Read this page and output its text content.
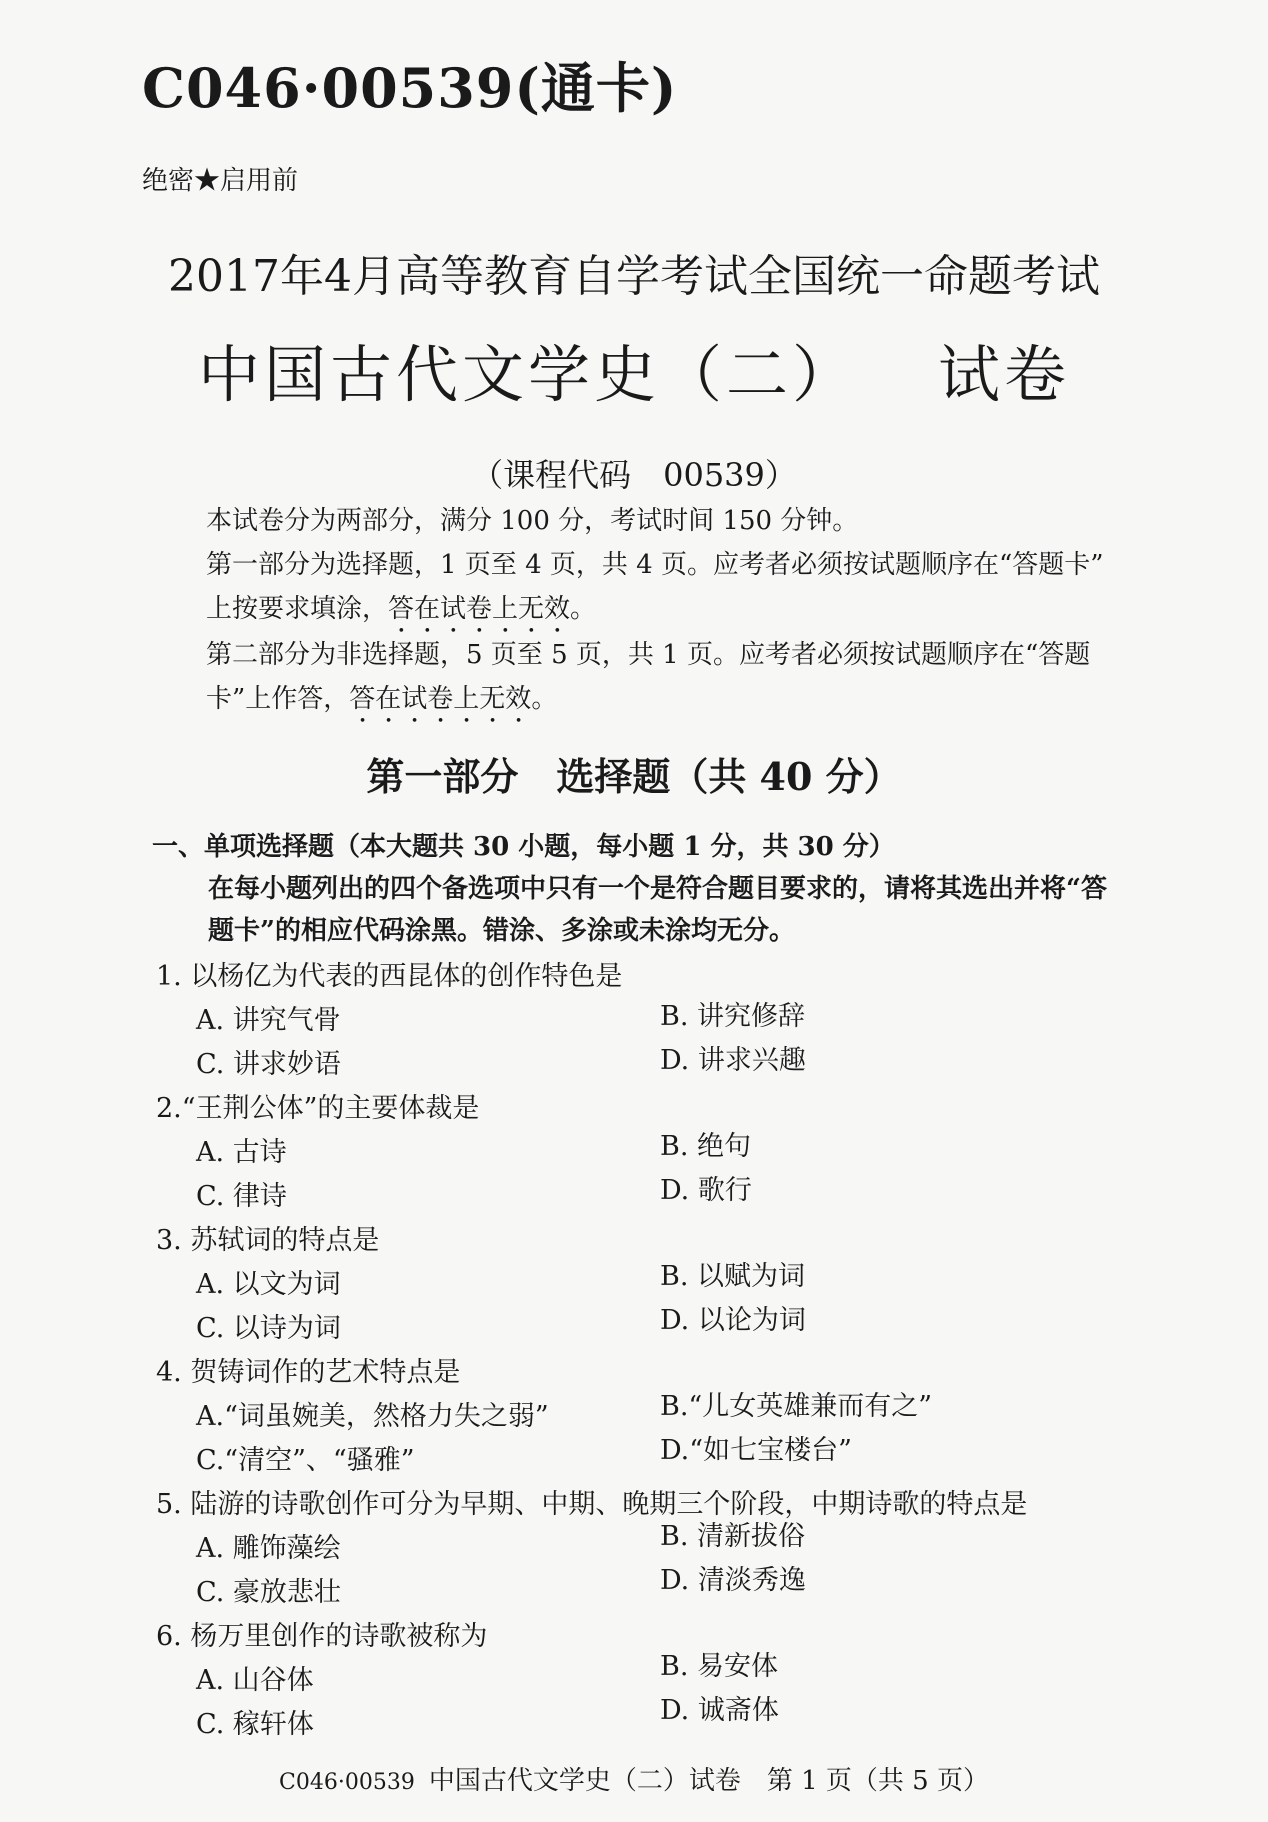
C046·00539(通卡)
绝密★启用前
2017年4月高等教育自学考试全国统一命题考试
中国古代文学史（二） 试卷
（课程代码　00539）
本试卷分为两部分，满分 100 分，考试时间 150 分钟。
第一部分为选择题，1 页至 4 页，共 4 页。应考者必须按试题顺序在“答题卡”
上按要求填涂，答在试卷上无效。
第二部分为非选择题，5 页至 5 页，共 1 页。应考者必须按试题顺序在“答题
卡”上作答，答在试卷上无效。
第一部分　选择题（共 40 分）
一、单项选择题（本大题共 30 小题，每小题 1 分，共 30 分）
在每小题列出的四个备选项中只有一个是符合题目要求的，请将其选出并将“答
题卡”的相应代码涂黑。错涂、多涂或未涂均无分。
1. 以杨亿为代表的西昆体的创作特色是
A. 讲究气骨	B. 讲究修辞
C. 讲求妙语	D. 讲求兴趣
2.“王荆公体”的主要体裁是
A. 古诗	B. 绝句
C. 律诗	D. 歌行
3. 苏轼词的特点是
A. 以文为词	B. 以赋为词
C. 以诗为词	D. 以论为词
4. 贺铸词作的艺术特点是
A.“词虽婉美，然格力失之弱”	B.“儿女英雄兼而有之”
C.“清空”、“骚雅”	D.“如七宝楼台”
5. 陆游的诗歌创作可分为早期、中期、晚期三个阶段，中期诗歌的特点是
A. 雕饰藻绘	B. 清新拔俗
C. 豪放悲壮	D. 清淡秀逸
6. 杨万里创作的诗歌被称为
A. 山谷体	B. 易安体
C. 稼轩体	D. 诚斋体
C046·00539 中国古代文学史（二）试卷　第 1 页（共 5 页）
